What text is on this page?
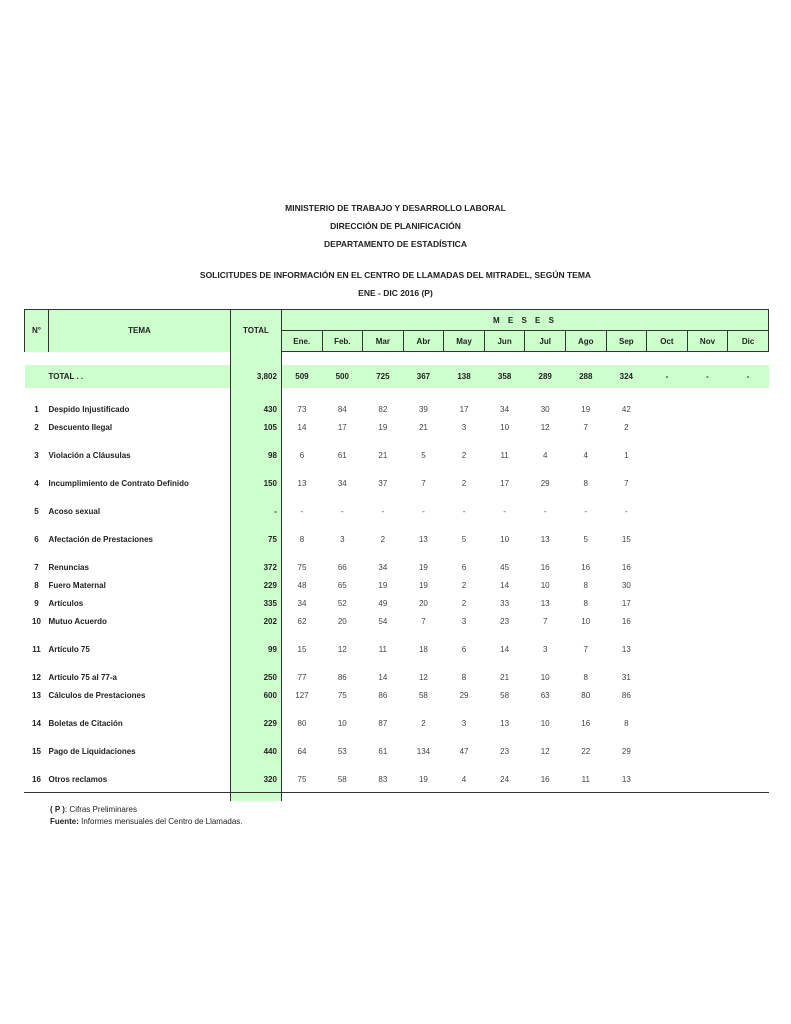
MINISTERIO DE TRABAJO Y DESARROLLO LABORAL
DIRECCIÓN DE PLANIFICACIÓN
DEPARTAMENTO DE ESTADÍSTICA
SOLICITUDES DE INFORMACIÓN EN EL CENTRO DE LLAMADAS DEL MITRADEL, SEGÚN TEMA
ENE - DIC 2016 (P)
N°	TEMA	TOTAL	M E S E S											
			Ene.	Feb.	Mar	Abr	May	Jun	Jul	Ago	Sep	Oct	Nov	Dic

	TOTAL . .	3,802	509	500	725	367	138	358	289	288	324	-	-	-

1	Despido Injustificado	430	73	84	82	39	17	34	30	19	42			
2	Descuento Ilegal	105	14	17	19	21	3	10	12	7	2			

3	Violación a Cláusulas	98	6	61	21	5	2	11	4	4	1			

4	Incumplimiento de Contrato Definido	150	13	34	37	7	2	17	29	8	7			

5	Acoso sexual	-	-	-	-	-	-	-	-	-	-			

6	Afectación de Prestaciones	75	8	3	2	13	5	10	13	5	15			

7	Renuncias	372	75	66	34	19	6	45	16	16	16			
8	Fuero Maternal	229	48	65	19	19	2	14	10	8	30			
9	Artículos	335	34	52	49	20	2	33	13	8	17			
10	Mutuo Acuerdo	202	62	20	54	7	3	23	7	10	16			

11	Artículo 75	99	15	12	11	18	6	14	3	7	13			

12	Artículo 75 al 77-a	250	77	86	14	12	8	21	10	8	31			
13	Cálculos de Prestaciones	600	127	75	86	58	29	58	63	80	86			

14	Boletas de Citación	229	80	10	87	2	3	13	10	16	8			

15	Pago de Liquidaciones	440	64	53	61	134	47	23	12	22	29			

16	Otros reclamos	320	75	58	83	19	4	24	16	11	13			

( P ): Cifras Preliminares
Fuente: Informes mensuales del Centro de Llamadas.
